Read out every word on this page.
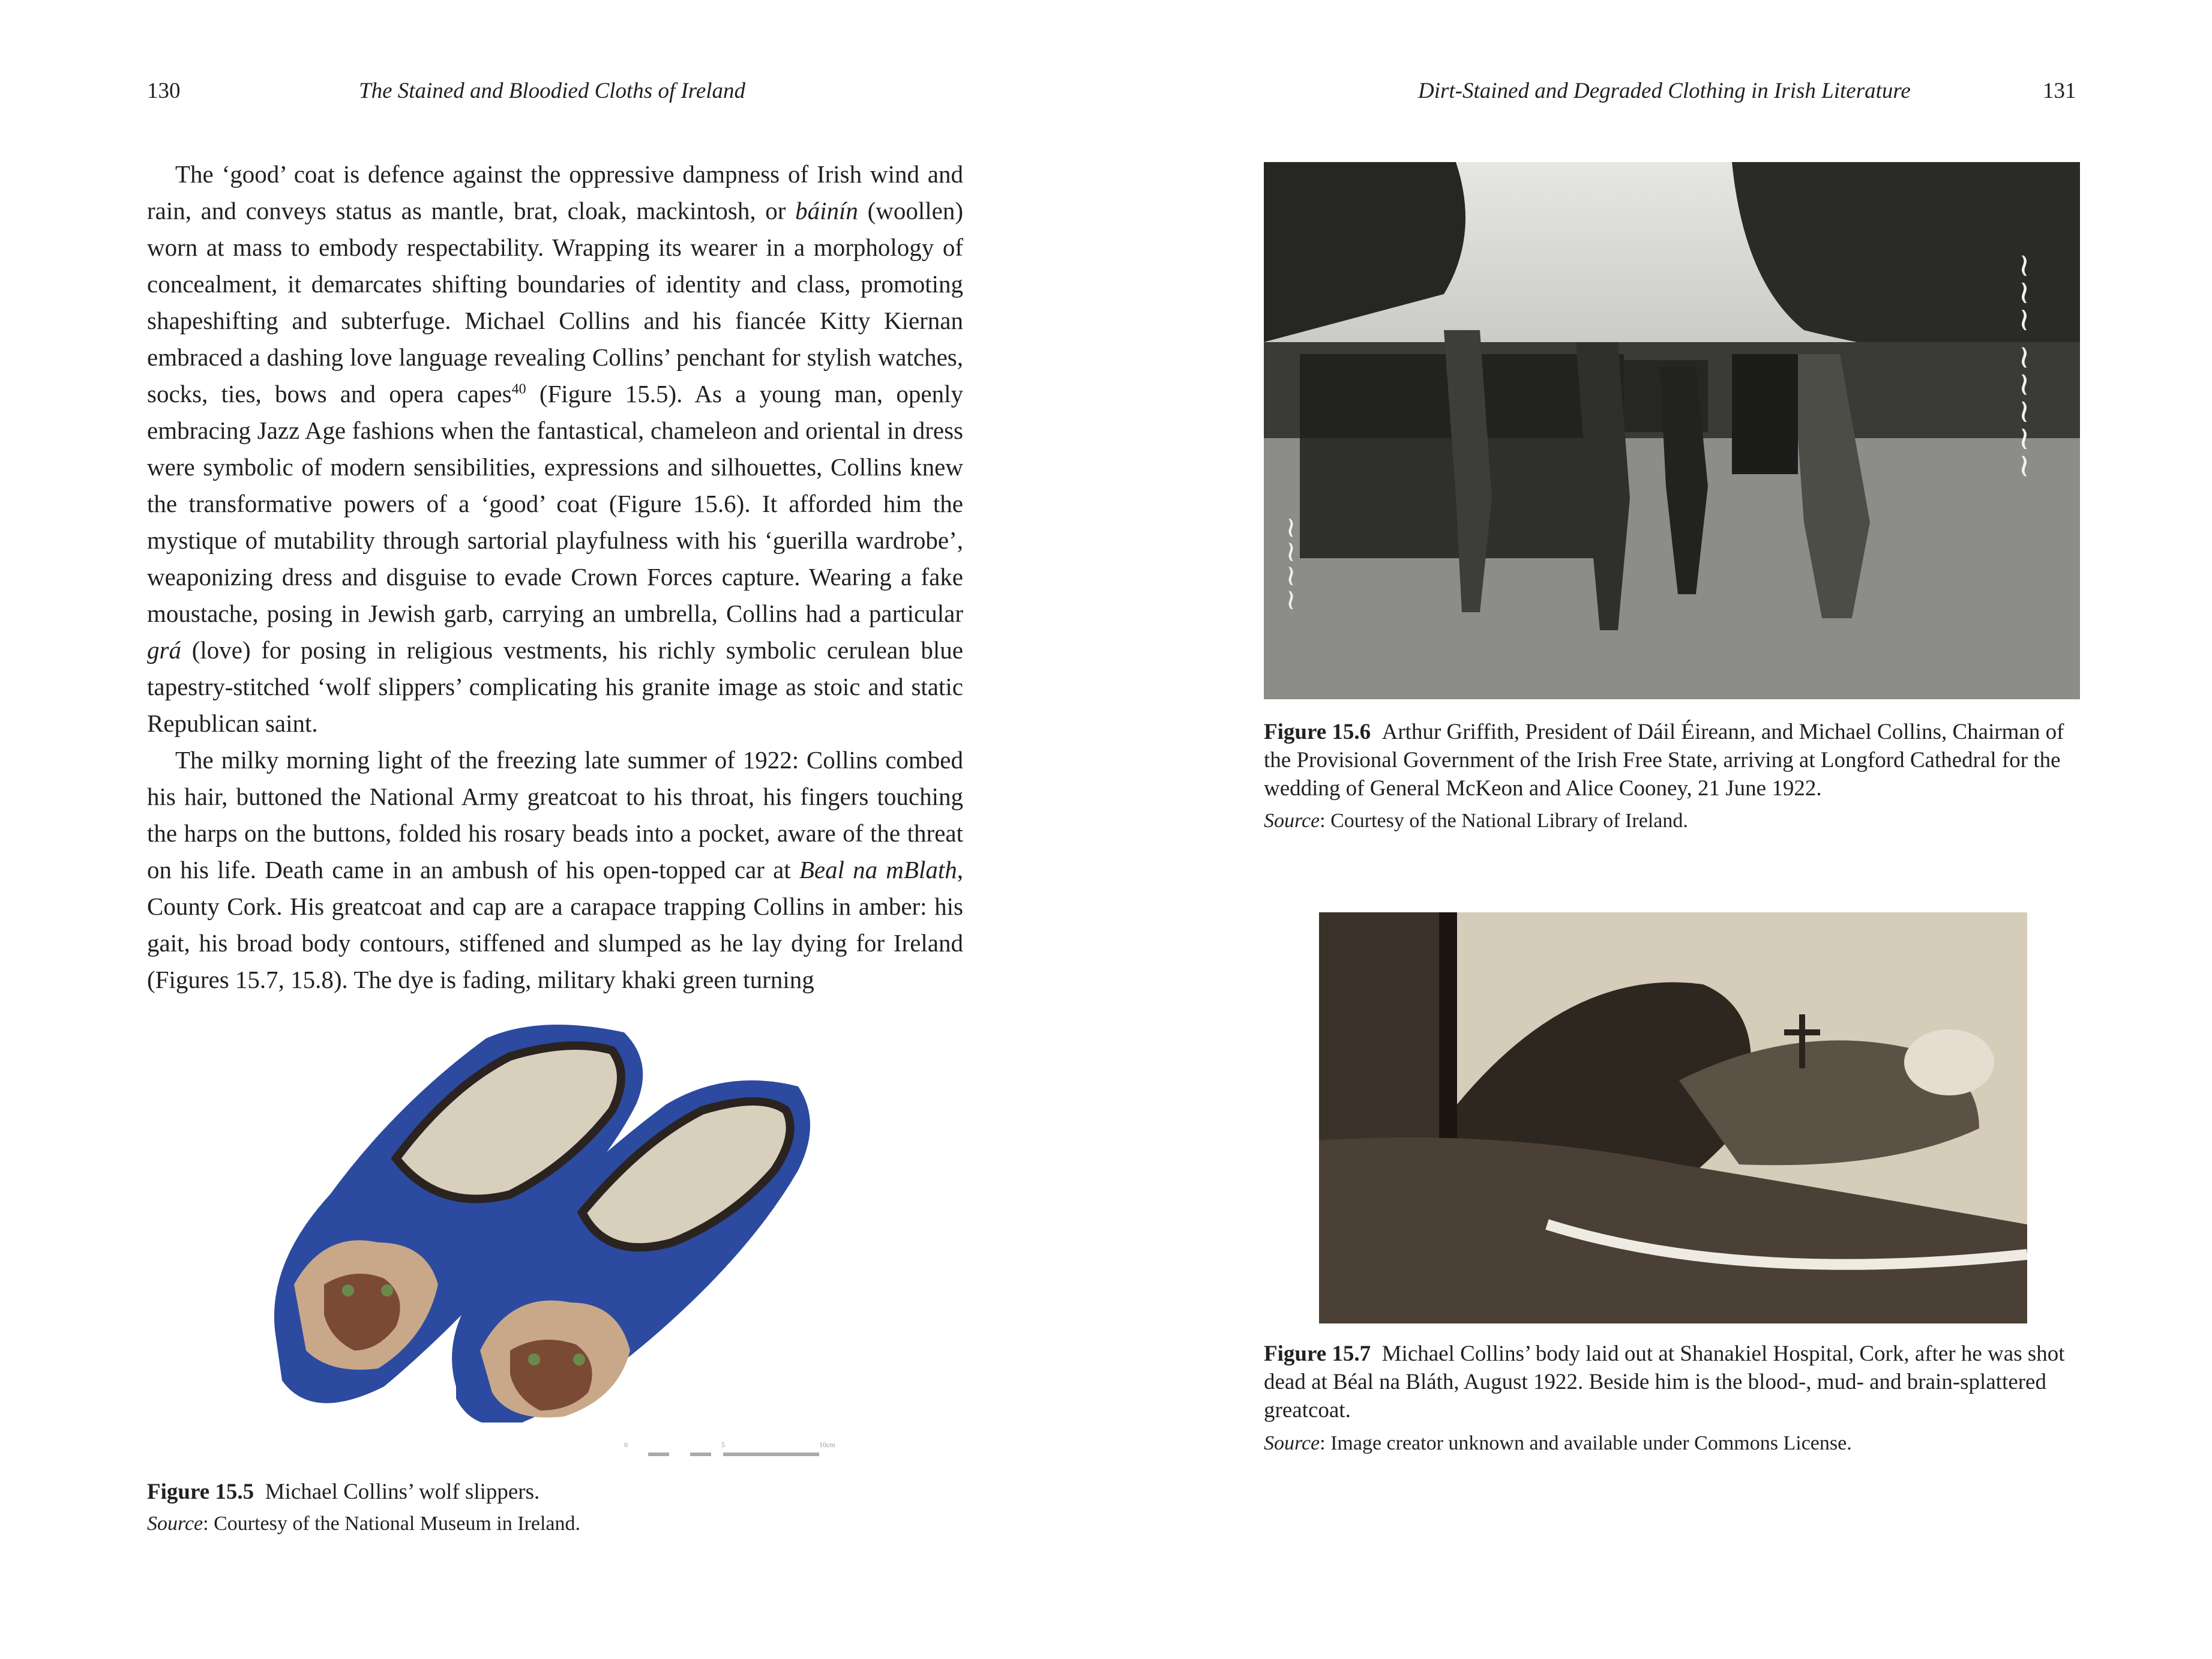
130	The Stained and Bloodied Cloths of Ireland

The ‘good’ coat is defence against the oppressive dampness of Irish wind and rain, and conveys status as mantle, brat, cloak, mackintosh, or báinín (woollen) worn at mass to embody respectability. Wrapping its wearer in a morphology of concealment, it demarcates shifting boundaries of identity and class, promoting shapeshifting and subterfuge. Michael Collins and his fiancée Kitty Kiernan embraced a dashing love language revealing Collins’ penchant for stylish watches, socks, ties, bows and opera capes$^{40}$ (Figure 15.5). As a young man, openly embracing Jazz Age fashions when the fantastical, chameleon and oriental in dress were symbolic of modern sensibilities, expressions and silhouettes, Collins knew the transformative powers of a ‘good’ coat (Figure 15.6). It afforded him the mystique of mutability through sartorial playfulness with his ‘guerilla wardrobe’, weaponizing dress and disguise to evade Crown Forces capture. Wearing a fake moustache, posing in Jewish garb, carrying an umbrella, Collins had a particular grá (love) for posing in religious vestments, his richly symbolic cerulean blue tapestry-stitched ‘wolf slippers’ complicating his granite image as stoic and static Republican saint.

The milky morning light of the freezing late summer of 1922: Collins combed his hair, buttoned the National Army greatcoat to his throat, his fingers touching the harps on the buttons, folded his rosary beads into a pocket, aware of the threat on his life. Death came in an ambush of his open-topped car at Beal na mBlath, County Cork. His greatcoat and cap are a carapace trapping Collins in amber: his gait, his broad body contours, stiffened and slumped as he lay dying for Ireland (Figures 15.7, 15.8). The dye is fading, military khaki green turning

0	5	10cm
Figure 15.5 Michael Collins’ wolf slippers.
Source: Courtesy of the National Museum in Ireland.
Dirt-Stained and Degraded Clothing in Irish Literature	131
~~~ ~~~~~
~~~~
Figure 15.6 Arthur Griffith, President of Dáil Éireann, and Michael Collins, Chairman of the Provisional Government of the Irish Free State, arriving at Longford Cathedral for the wedding of General McKeon and Alice Cooney, 21 June 1922.
Source: Courtesy of the National Library of Ireland.
Figure 15.7 Michael Collins’ body laid out at Shanakiel Hospital, Cork, after he was shot dead at Béal na Bláth, August 1922. Beside him is the blood-, mud- and brain-splattered greatcoat.
Source: Image creator unknown and available under Commons License.
